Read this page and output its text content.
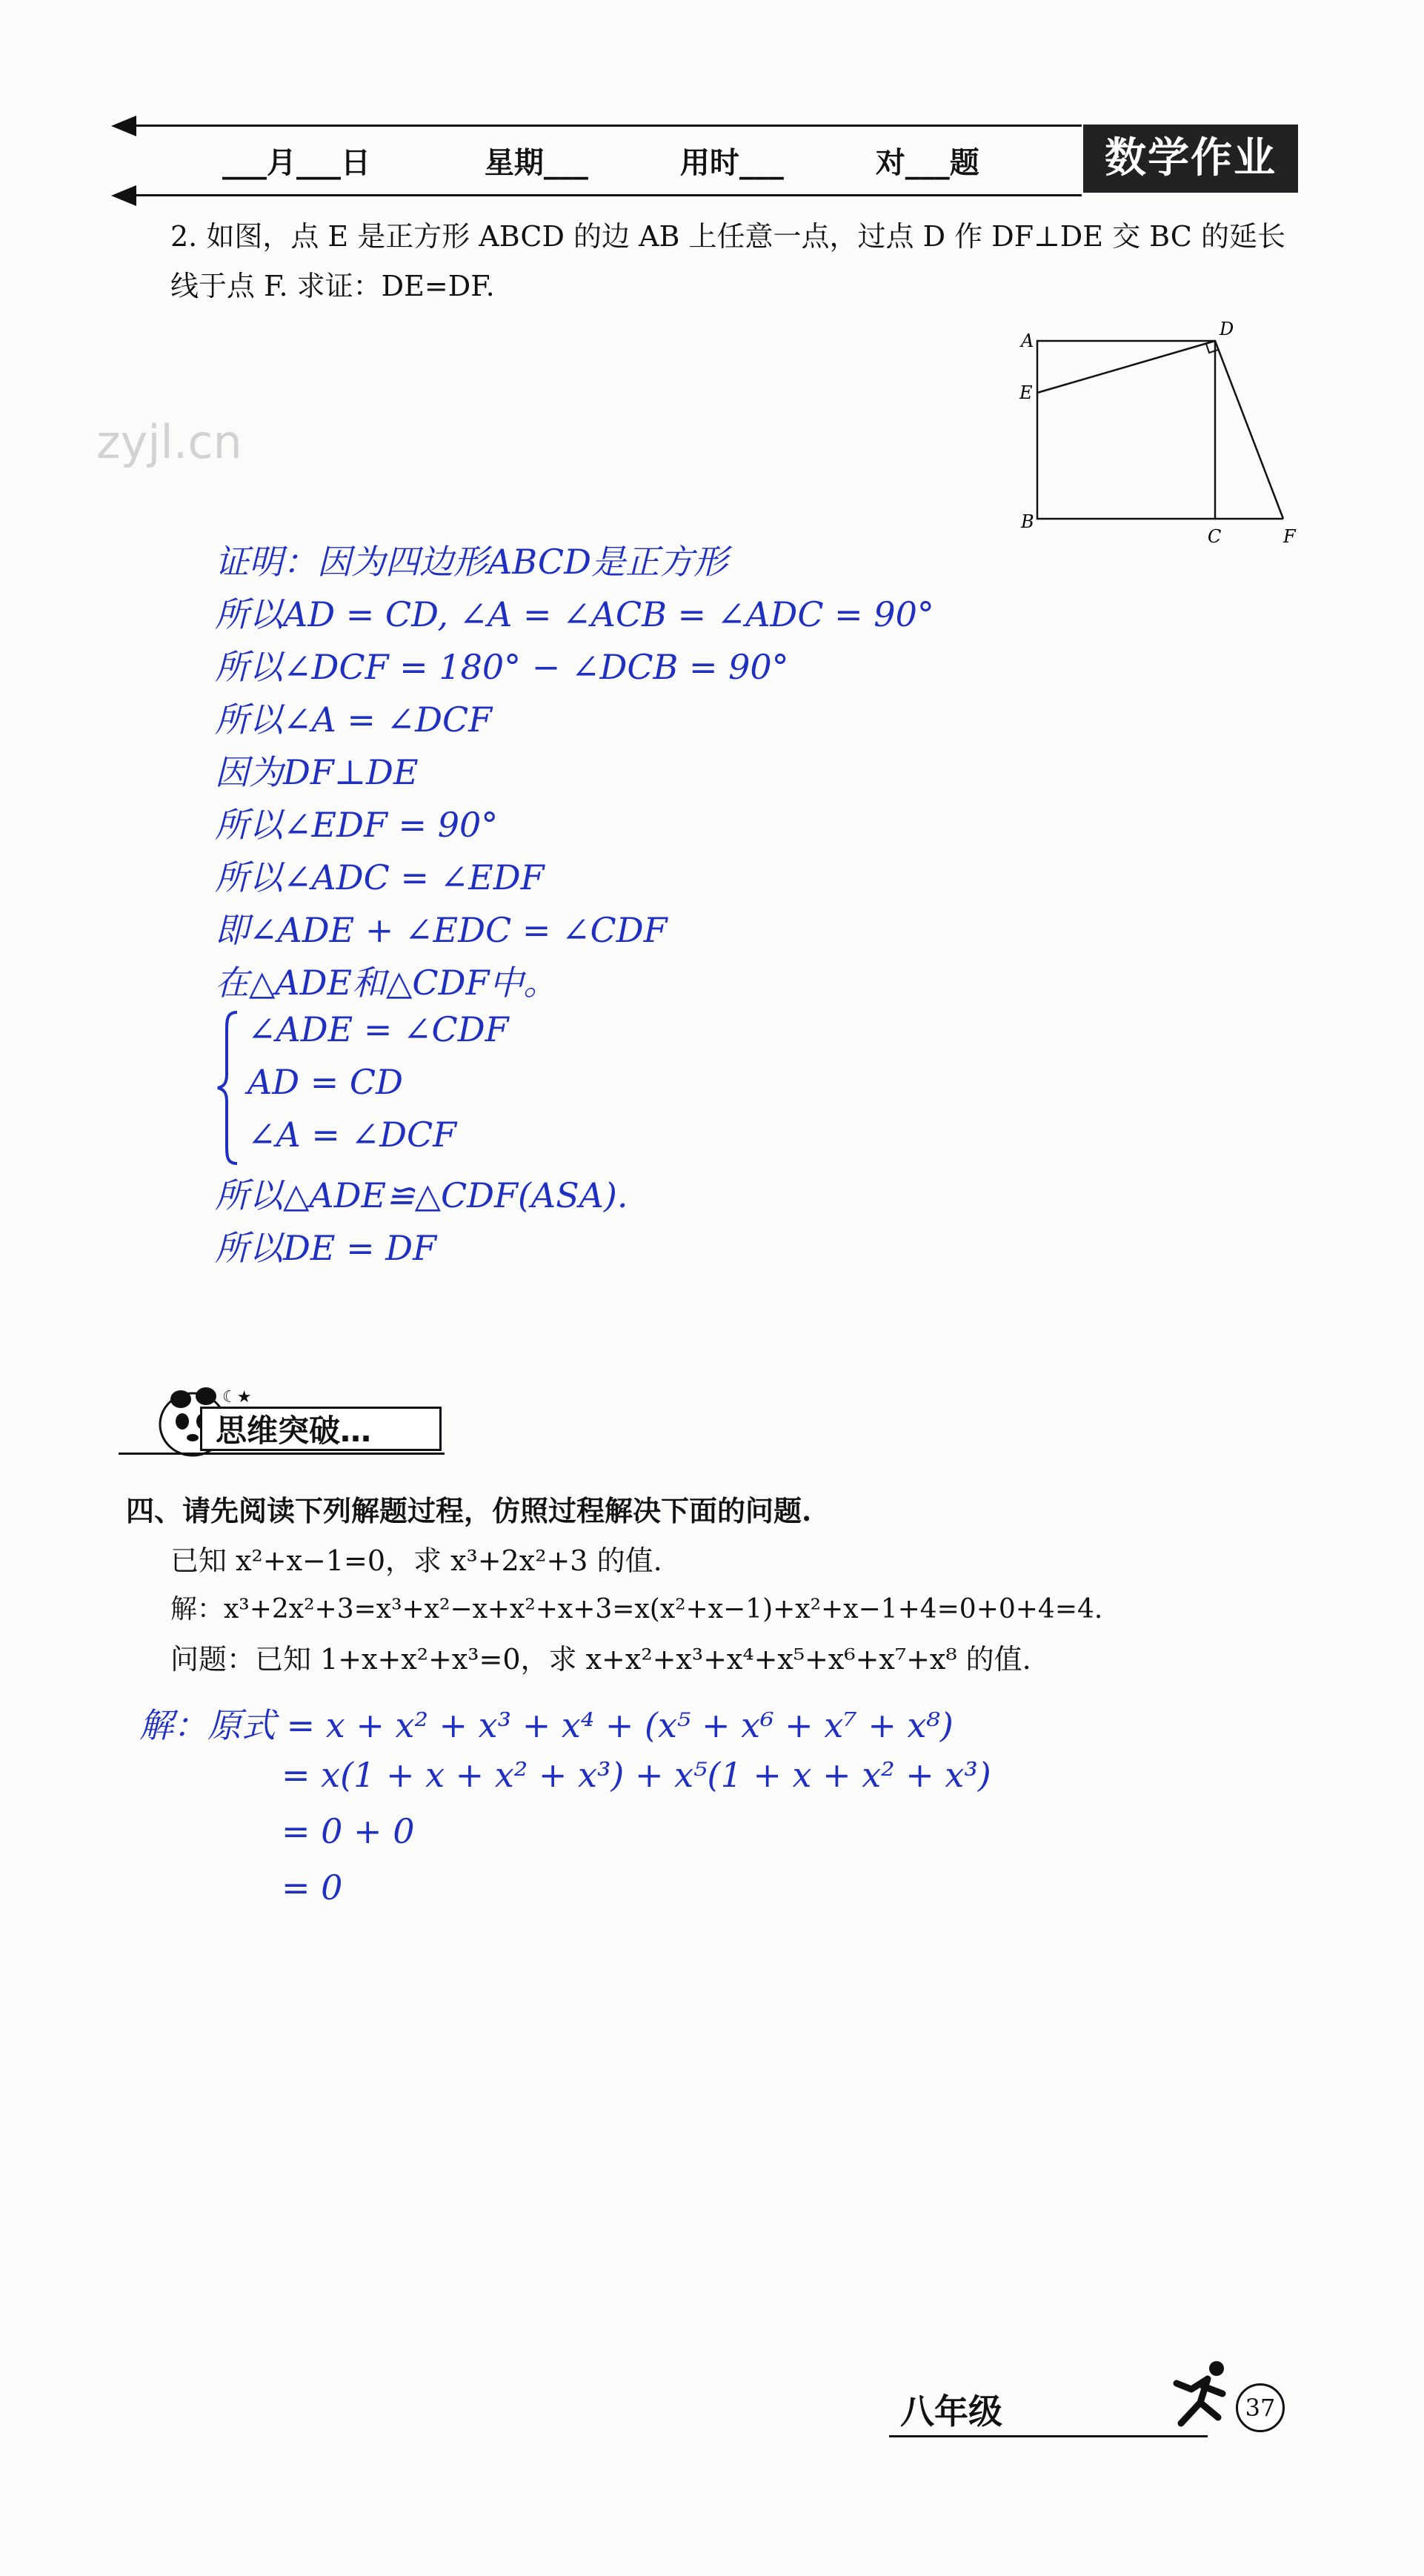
___月___日	星期___	用时___	对___题	数学作业
2. 如图，点 E 是正方形 ABCD 的边 AB 上任意一点，过点 D 作 DF⊥DE 交 BC 的延长
线于点 F. 求证：DE=DF.
zyjl.cn
A
B
C
D
E
F
证明：因为四边形ABCD是正方形
所以AD = CD, ∠A = ∠ACB = ∠ADC = 90°
所以∠DCF = 180° − ∠DCB = 90°
所以∠A = ∠DCF
因为DF⊥DE
所以∠EDF = 90°
所以∠ADC = ∠EDF
即∠ADE + ∠EDC = ∠CDF
在△ADE和△CDF中。
∠ADE = ∠CDF
AD = CD
∠A = ∠DCF
所以△ADE≌△CDF(ASA).
所以DE = DF
☾★
思维突破…
四、请先阅读下列解题过程，仿照过程解决下面的问题.
已知 x²+x−1=0，求 x³+2x²+3 的值.
解：x³+2x²+3=x³+x²−x+x²+x+3=x(x²+x−1)+x²+x−1+4=0+0+4=4.
问题：已知 1+x+x²+x³=0，求 x+x²+x³+x⁴+x⁵+x⁶+x⁷+x⁸ 的值.
解：原式 = x + x² + x³ + x⁴ + (x⁵ + x⁶ + x⁷ + x⁸)
= x(1 + x + x² + x³) + x⁵(1 + x + x² + x³)
= 0 + 0
= 0
八年级	37
